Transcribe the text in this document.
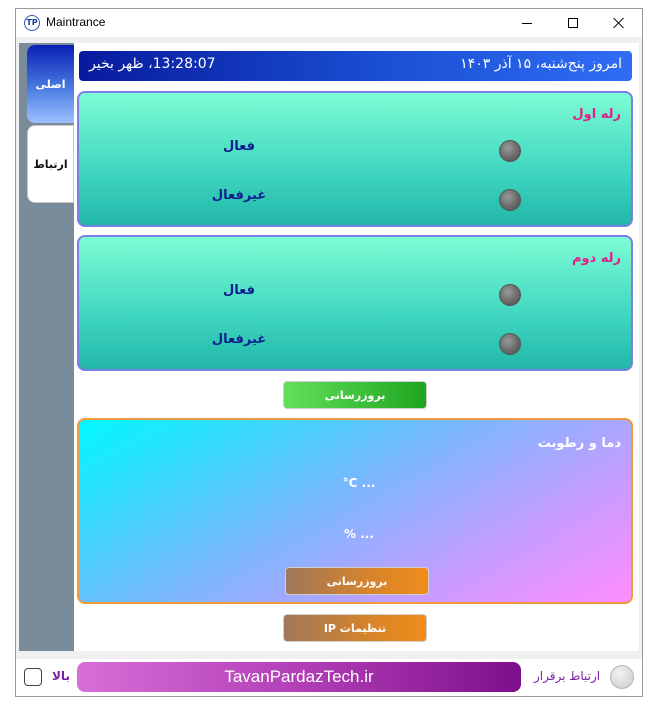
TP Maintrance
اصلی
ارتباط
امروز پنج‌شنبه، ۱۵ آذر ۱۴۰۳
13:28:07، ظهر بخیر
رله اول
فعال
غیرفعال
رله دوم
فعال
غیرفعال
بروزرسانی
دما و رطوبت
°C ...
% ...
بروزرسانی
تنظیمات IP
بالا	TavanPardazTech.ir	ارتباط برقرار
